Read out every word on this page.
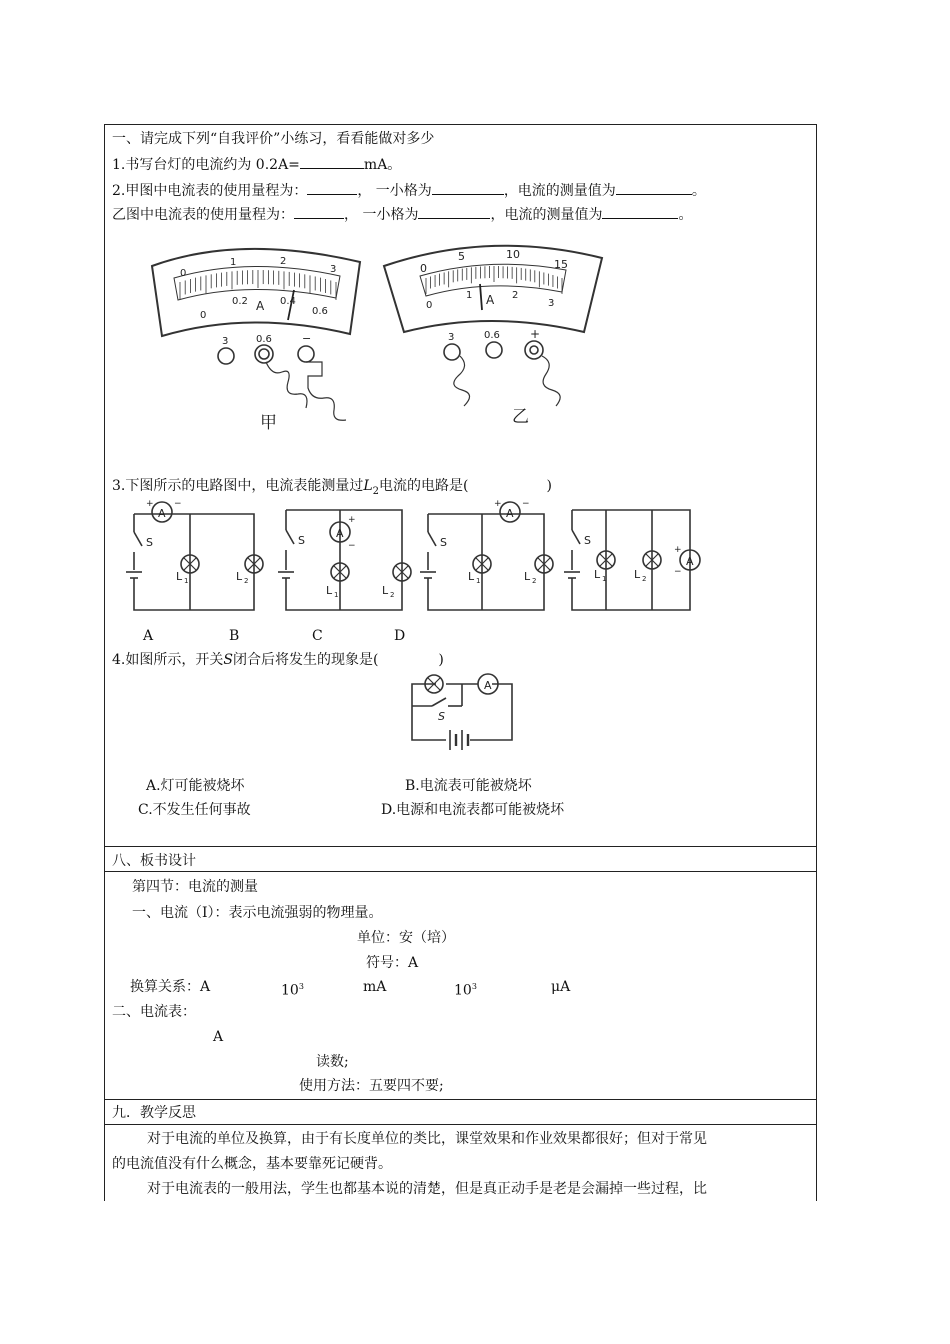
一、请完成下列“自我评价”小练习，看看能做对多少
1.书写台灯的电流约为 0.2A=	mA。
2.甲图中电流表的使用量程为：	， 一小格为	，电流的测量值为	。
乙图中电流表的使用量程为：	， 一小格为	，电流的测量值为	。
0
1	2
3
0
0.2	0.4
0.6
A
3	0.6	−
甲
0
5	10
15
0
1	2
3
A
3	0.6	+
乙
3.下图所示的电路图中，电流表能测量过$L_2$电流的电路是(	)
A
+ −
S
L 1	L 2
A
+
−
S
L 1	L 2
A
+ −
S
L 1	L 2
S
A
+
−
L 1	L 2
A	B	C	D
4.如图所示，开关S闭合后将发生的现象是(	)
S
A
A.灯可能被烧坏	B.电流表可能被烧坏
C.不发生任何事故	D.电源和电流表都可能被烧坏
八、板书设计
第四节：电流的测量
一、电流（I）：表示电流强弱的物理量。
单位：安（培）
符号：A
换算关系：A	$10^3$	mA	$10^3$	μA
二、电流表：
A
读数;
使用方法：五要四不要;
九．教学反思
对于电流的单位及换算，由于有长度单位的类比，课堂效果和作业效果都很好；但对于常见
的电流值没有什么概念，基本要靠死记硬背。
对于电流表的一般用法，学生也都基本说的清楚，但是真正动手是老是会漏掉一些过程，比
